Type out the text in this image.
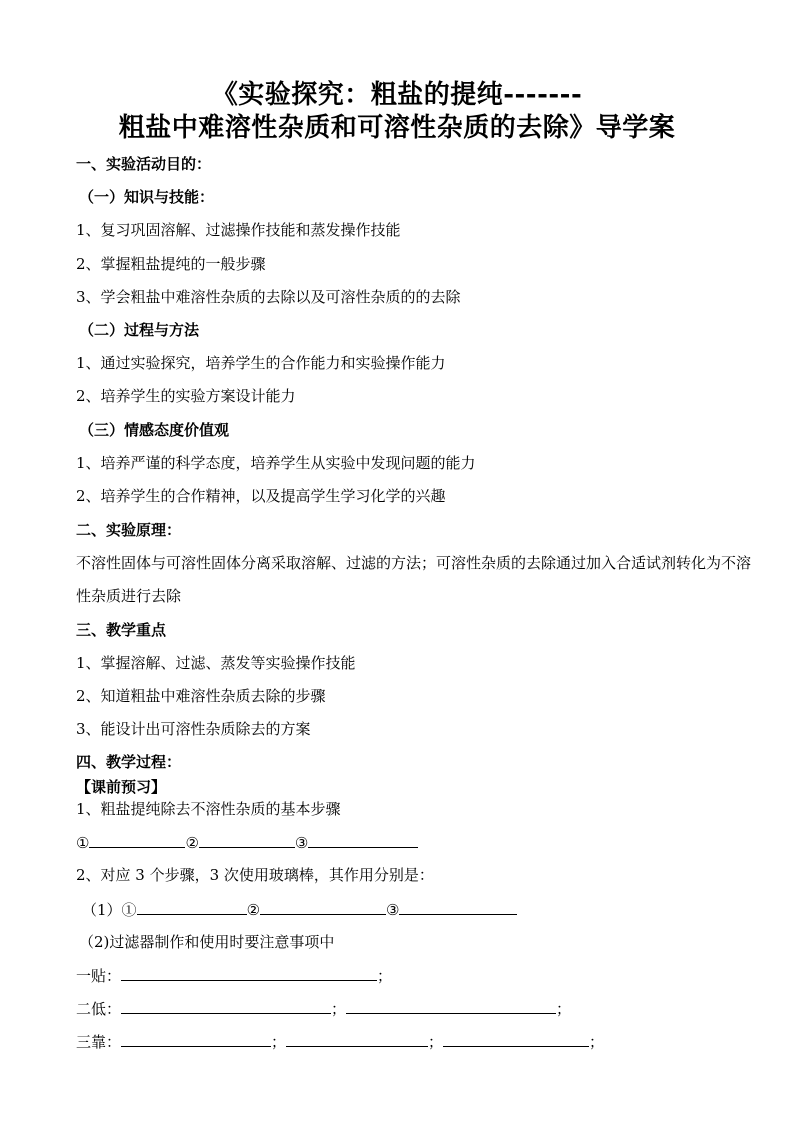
《实验探究：粗盐的提纯-------
粗盐中难溶性杂质和可溶性杂质的去除》导学案
一、实验活动目的：
（一）知识与技能：
1、复习巩固溶解、过滤操作技能和蒸发操作技能
2、掌握粗盐提纯的一般步骤
3、学会粗盐中难溶性杂质的去除以及可溶性杂质的的去除
（二）过程与方法
1、通过实验探究，培养学生的合作能力和实验操作能力
2、培养学生的实验方案设计能力
（三）情感态度价值观
1、培养严谨的科学态度，培养学生从实验中发现问题的能力
2、培养学生的合作精神，以及提高学生学习化学的兴趣
二、实验原理：
不溶性固体与可溶性固体分离采取溶解、过滤的方法；可溶性杂质的去除通过加入合适试剂转化为不溶性杂质进行去除
三、教学重点
1、掌握溶解、过滤、蒸发等实验操作技能
2、知道粗盐中难溶性杂质去除的步骤
3、能设计出可溶性杂质除去的方案
四、教学过程：
【课前预习】
1、粗盐提纯除去不溶性杂质的基本步骤
①	②	③
2、对应 3 个步骤，3 次使用玻璃棒，其作用分别是：
（1）①	②	③
（2)过滤器制作和使用时要注意事项中
一贴：	；
二低：	；	；
三靠：	；	；	；
